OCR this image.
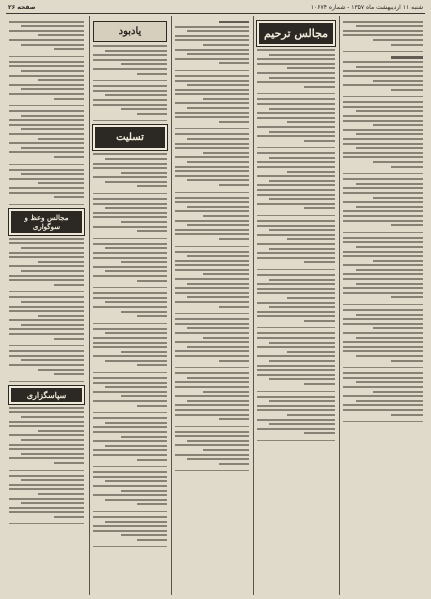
صفحه ۲۶	شنبه ۱۱ اردیبهشت ماه ۱۳۵۷ - شماره ۱۰۶۷۴
مجالس وعظ و سوگواری
سپاسگزاری
یادبود
تسلیت
مجالس ترحیم
